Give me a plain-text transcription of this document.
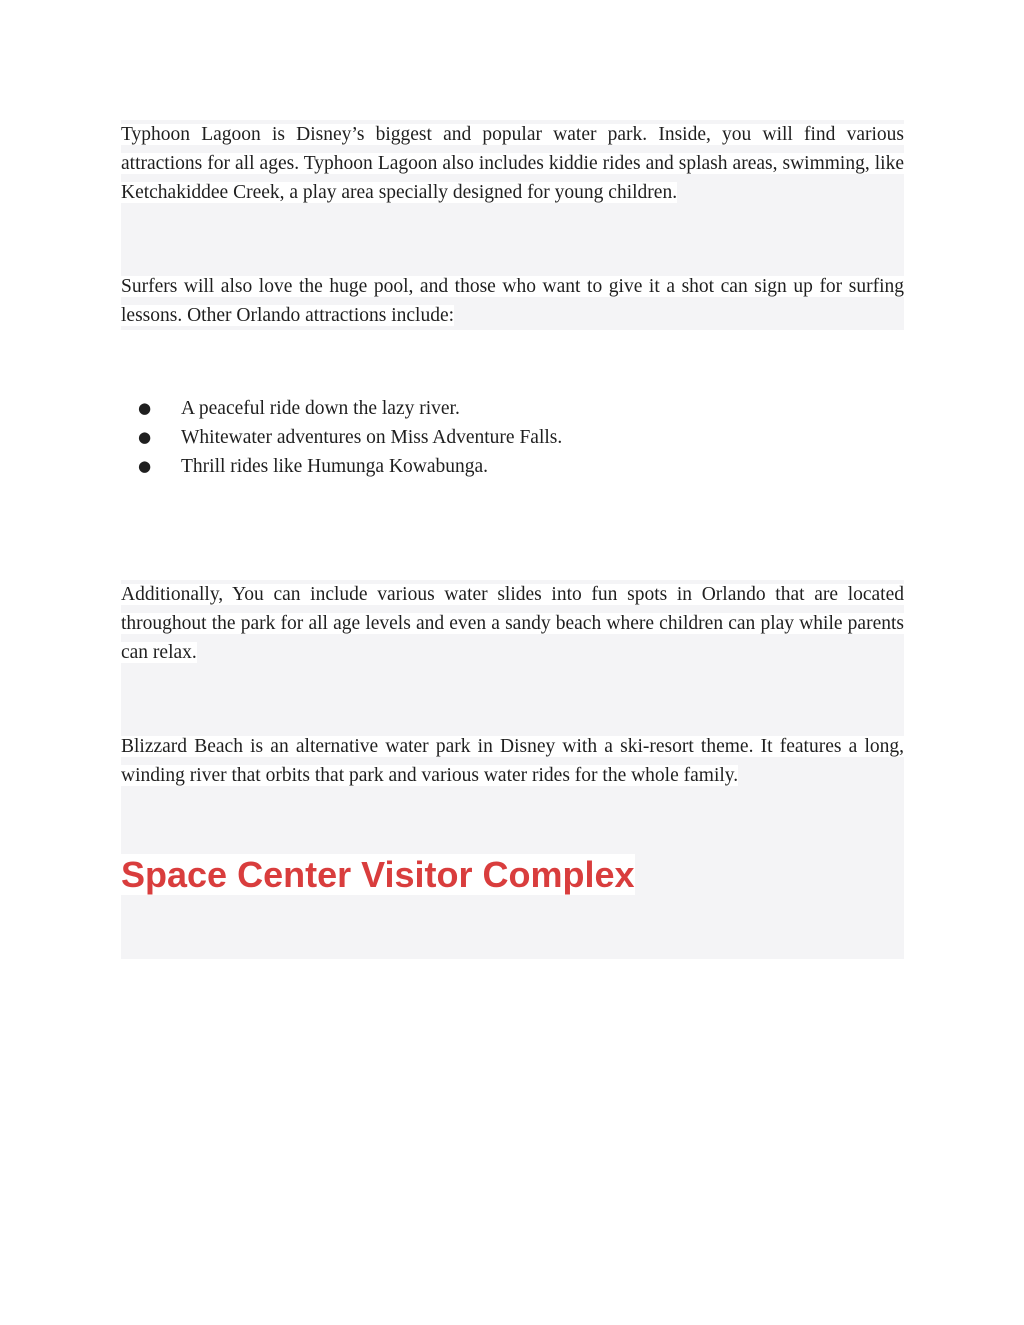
Typhoon Lagoon is Disney’s biggest and popular water park. Inside, you will find various attractions for all ages. Typhoon Lagoon also includes kiddie rides and splash areas, swimming, like Ketchakiddee Creek, a play area specially designed for young children.

Surfers will also love the huge pool, and those who want to give it a shot can sign up for surfing lessons. Other Orlando attractions include:

● A peaceful ride down the lazy river.
● Whitewater adventures on Miss Adventure Falls.
● Thrill rides like Humunga Kowabunga.

Additionally, You can include various water slides into fun spots in Orlando that are located throughout the park for all age levels and even a sandy beach where children can play while parents can relax.

Blizzard Beach is an alternative water park in Disney with a ski-resort theme. It features a long, winding river that orbits that park and various water rides for the whole family.

Space Center Visitor Complex
